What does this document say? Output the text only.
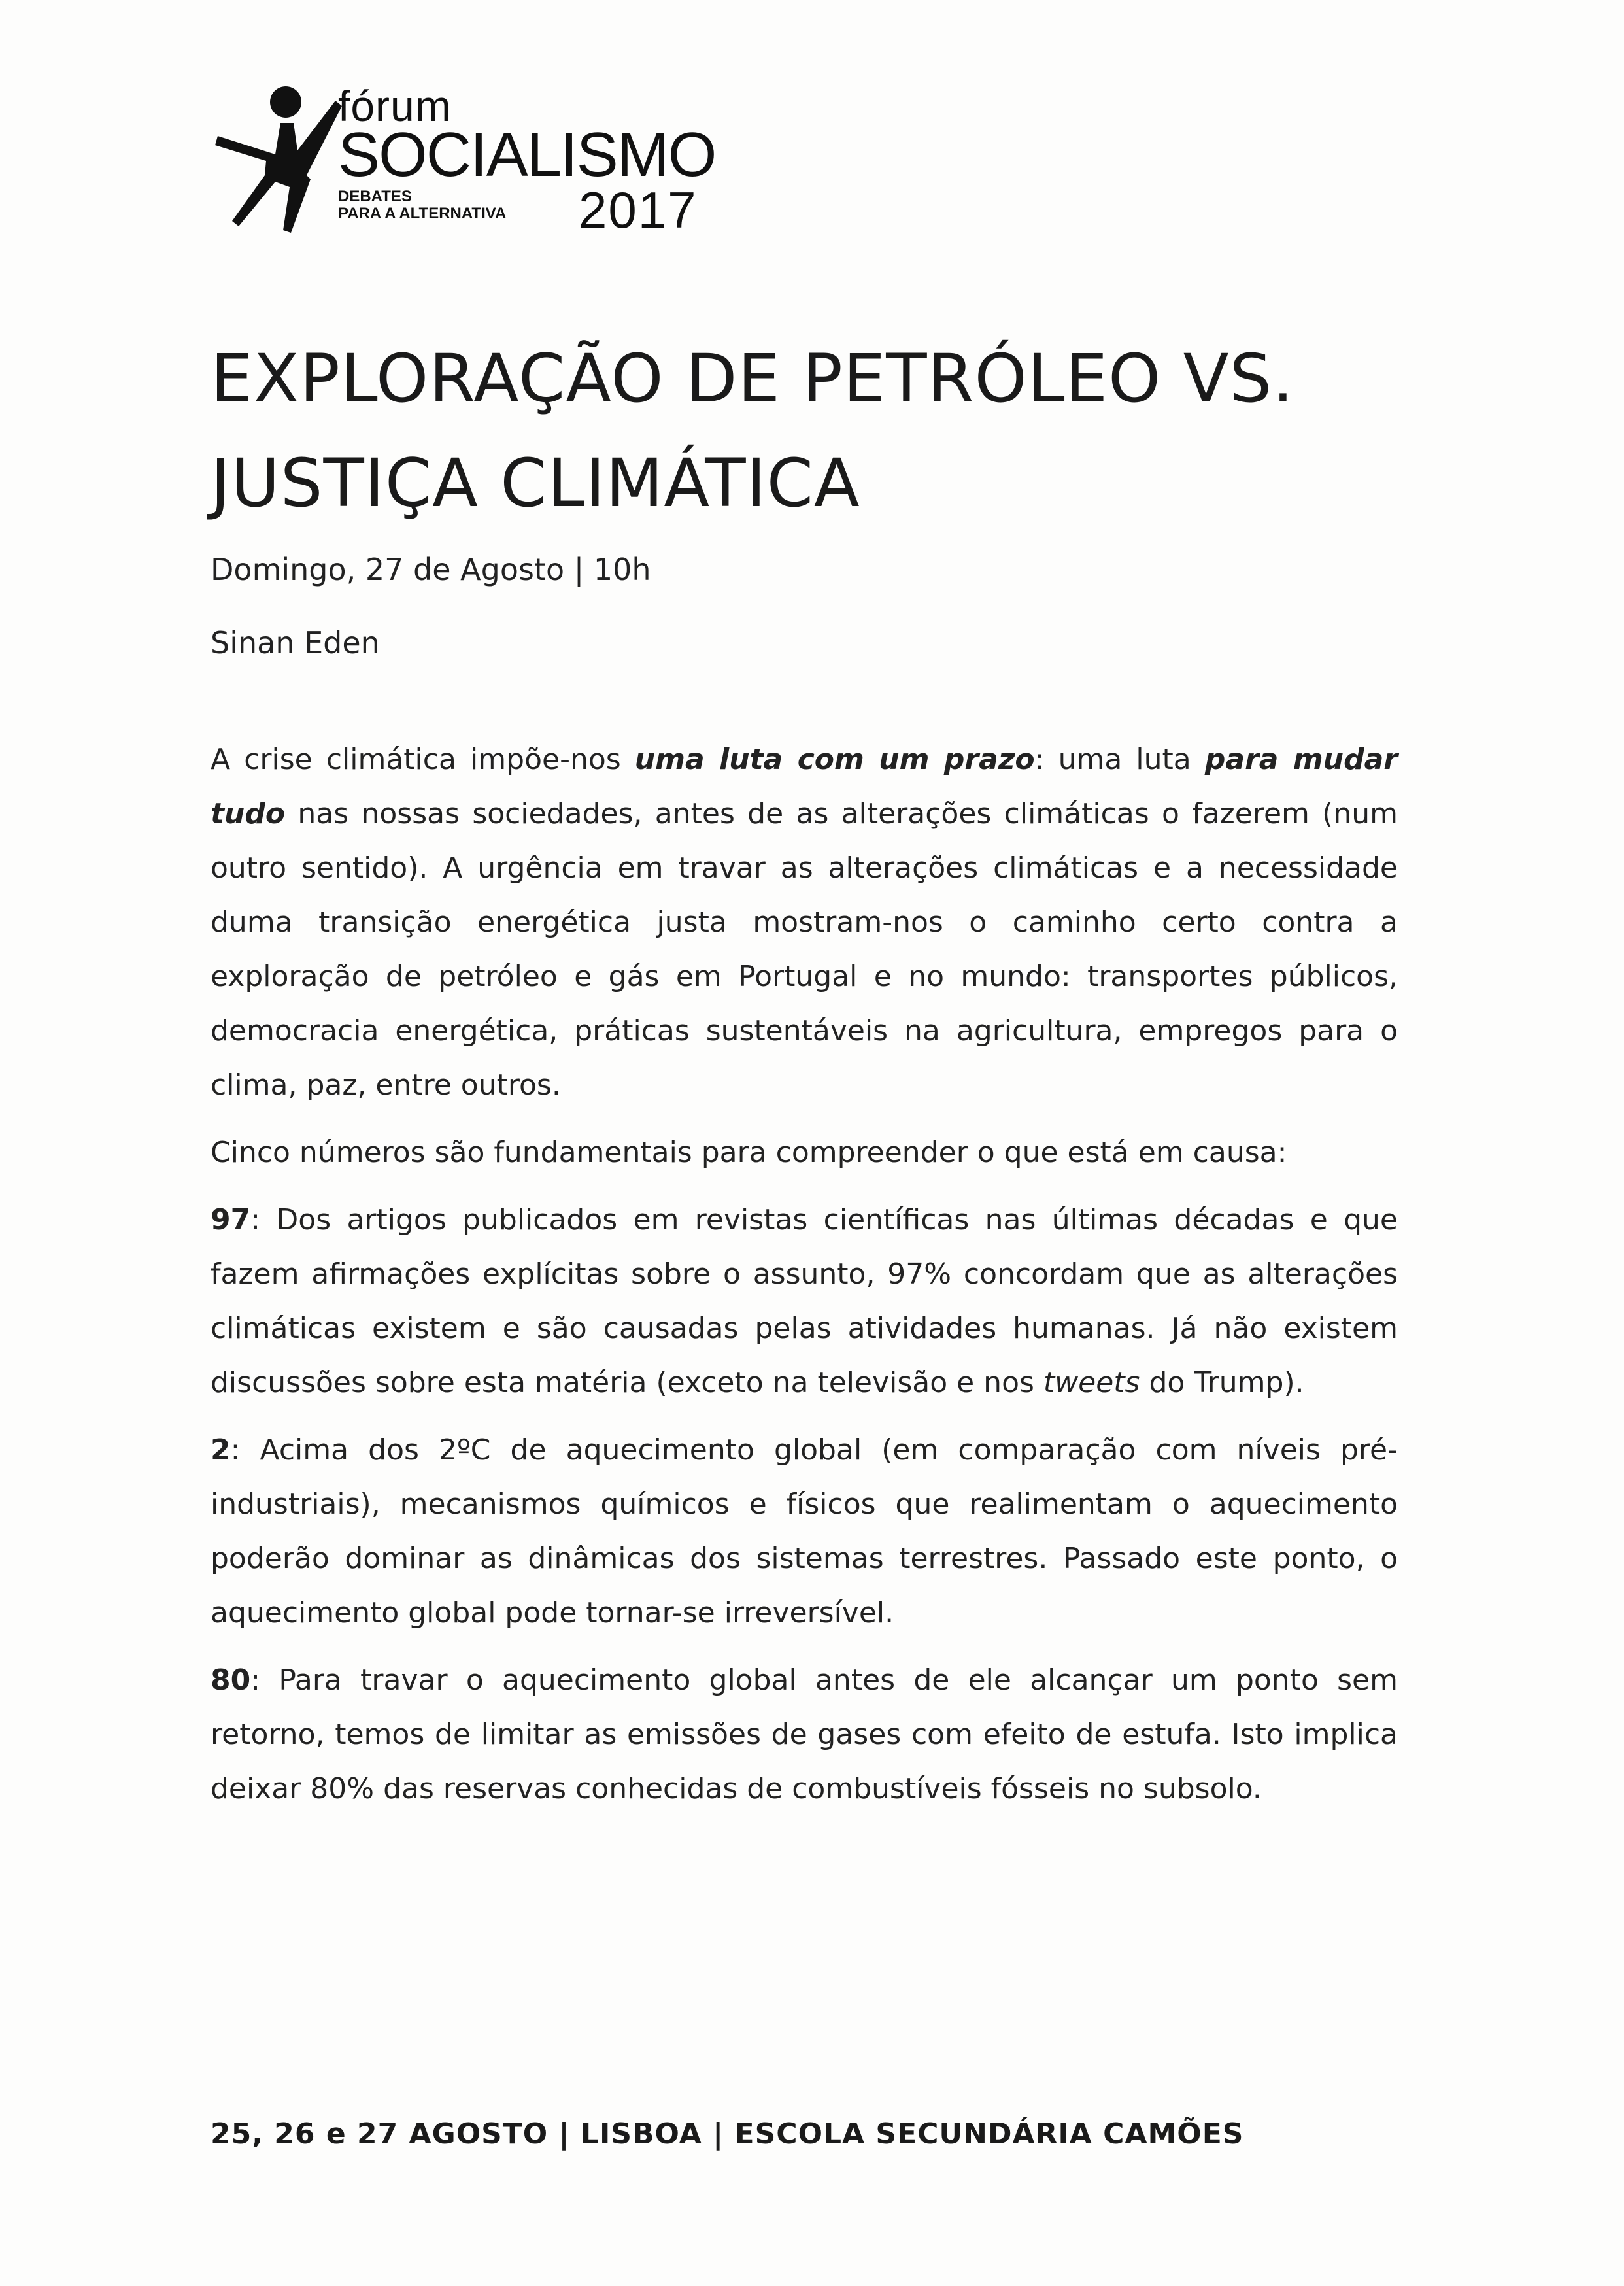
fórum
SOCIALISMO
DEBATES
PARA A ALTERNATIVA 2017
EXPLORAÇÃO DE PETRÓLEO VS.
JUSTIÇA CLIMÁTICA
Domingo, 27 de Agosto | 10h
Sinan Eden

A crise climática impõe-nos uma luta com um prazo: uma luta para mudar tudo nas nossas sociedades, antes de as alterações climáticas o fazerem (num outro sentido). A urgência em travar as alterações climáticas e a necessidade duma transição energética justa mostram-nos o caminho certo contra a exploração de petróleo e gás em Portugal e no mundo: transportes públicos, democracia energética, práticas sustentáveis na agricultura, empregos para o clima, paz, entre outros.

Cinco números são fundamentais para compreender o que está em causa:

97: Dos artigos publicados em revistas científicas nas últimas décadas e que fazem afirmações explícitas sobre o assunto, 97% concordam que as alterações climáticas existem e são causadas pelas atividades humanas. Já não existem discussões sobre esta matéria (exceto na televisão e nos tweets do Trump).

2: Acima dos 2ºC de aquecimento global (em comparação com níveis pré-industriais), mecanismos químicos e físicos que realimentam o aquecimento poderão dominar as dinâmicas dos sistemas terrestres. Passado este ponto, o aquecimento global pode tornar-se irreversível.

80: Para travar o aquecimento global antes de ele alcançar um ponto sem retorno, temos de limitar as emissões de gases com efeito de estufa. Isto implica deixar 80% das reservas conhecidas de combustíveis fósseis no subsolo.

25, 26 e 27 AGOSTO | LISBOA | ESCOLA SECUNDÁRIA CAMÕES
